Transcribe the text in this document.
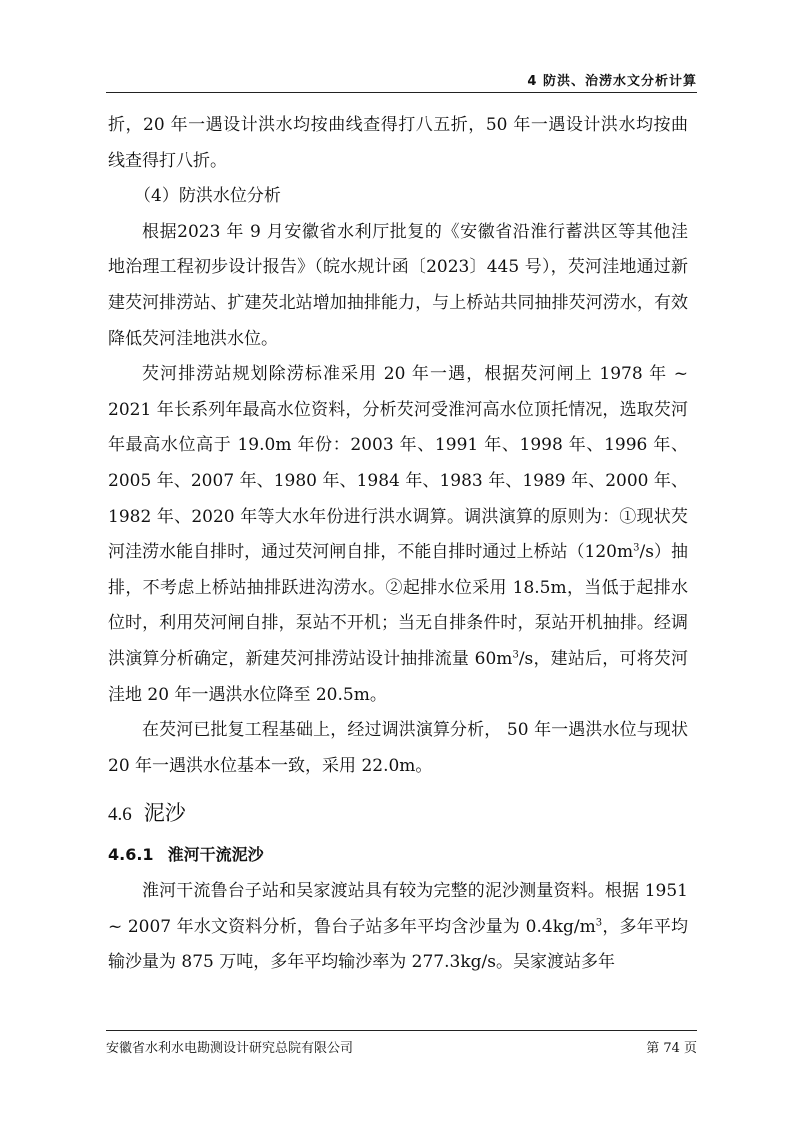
4 防洪、治涝水文分析计算

折，20 年一遇设计洪水均按曲线查得打八五折，50 年一遇设计洪水均按曲线查得打八折。

（4）防洪水位分析

根据2023 年 9 月安徽省水利厅批复的《安徽省沿淮行蓄洪区等其他洼地治理工程初步设计报告》（皖水规计函〔2023〕445 号），芡河洼地通过新建芡河排涝站、扩建芡北站增加抽排能力，与上桥站共同抽排芡河涝水，有效降低芡河洼地洪水位。

芡河排涝站规划除涝标准采用 20 年一遇，根据芡河闸上 1978 年 ~ 2021 年长系列年最高水位资料，分析芡河受淮河高水位顶托情况，选取芡河年最高水位高于 19.0m 年份：2003 年、1991 年、1998 年、1996 年、2005 年、2007 年、1980 年、1984 年、1983 年、1989 年、2000 年、1982 年、2020 年等大水年份进行洪水调算。调洪演算的原则为：①现状芡河洼涝水能自排时，通过芡河闸自排，不能自排时通过上桥站$(120m^3/s)$抽排，不考虑上桥站抽排跃进沟涝水。②起排水位采用 18.5m，当低于起排水位时，利用芡河闸自排，泵站不开机；当无自排条件时，泵站开机抽排。经调洪演算分析确定，新建芡河排涝站设计抽排流量 $60m^3/s$，建站后，可将芡河洼地 20 年一遇洪水位降至 20.5m。

在芡河已批复工程基础上，经过调洪演算分析， 50 年一遇洪水位与现状 20 年一遇洪水位基本一致，采用 22.0m。

4.6 泥沙
4.6.1 淮河干流泥沙

淮河干流鲁台子站和吴家渡站具有较为完整的泥沙测量资料。根据 1951 ~ 2007 年水文资料分析，鲁台子站多年平均含沙量为 $0.4kg/m^3$，多年平均输沙量为 875 万吨，多年平均输沙率为 277.3kg/s。吴家渡站多年

安徽省水利水电勘测设计研究总院有限公司	第 74 页
